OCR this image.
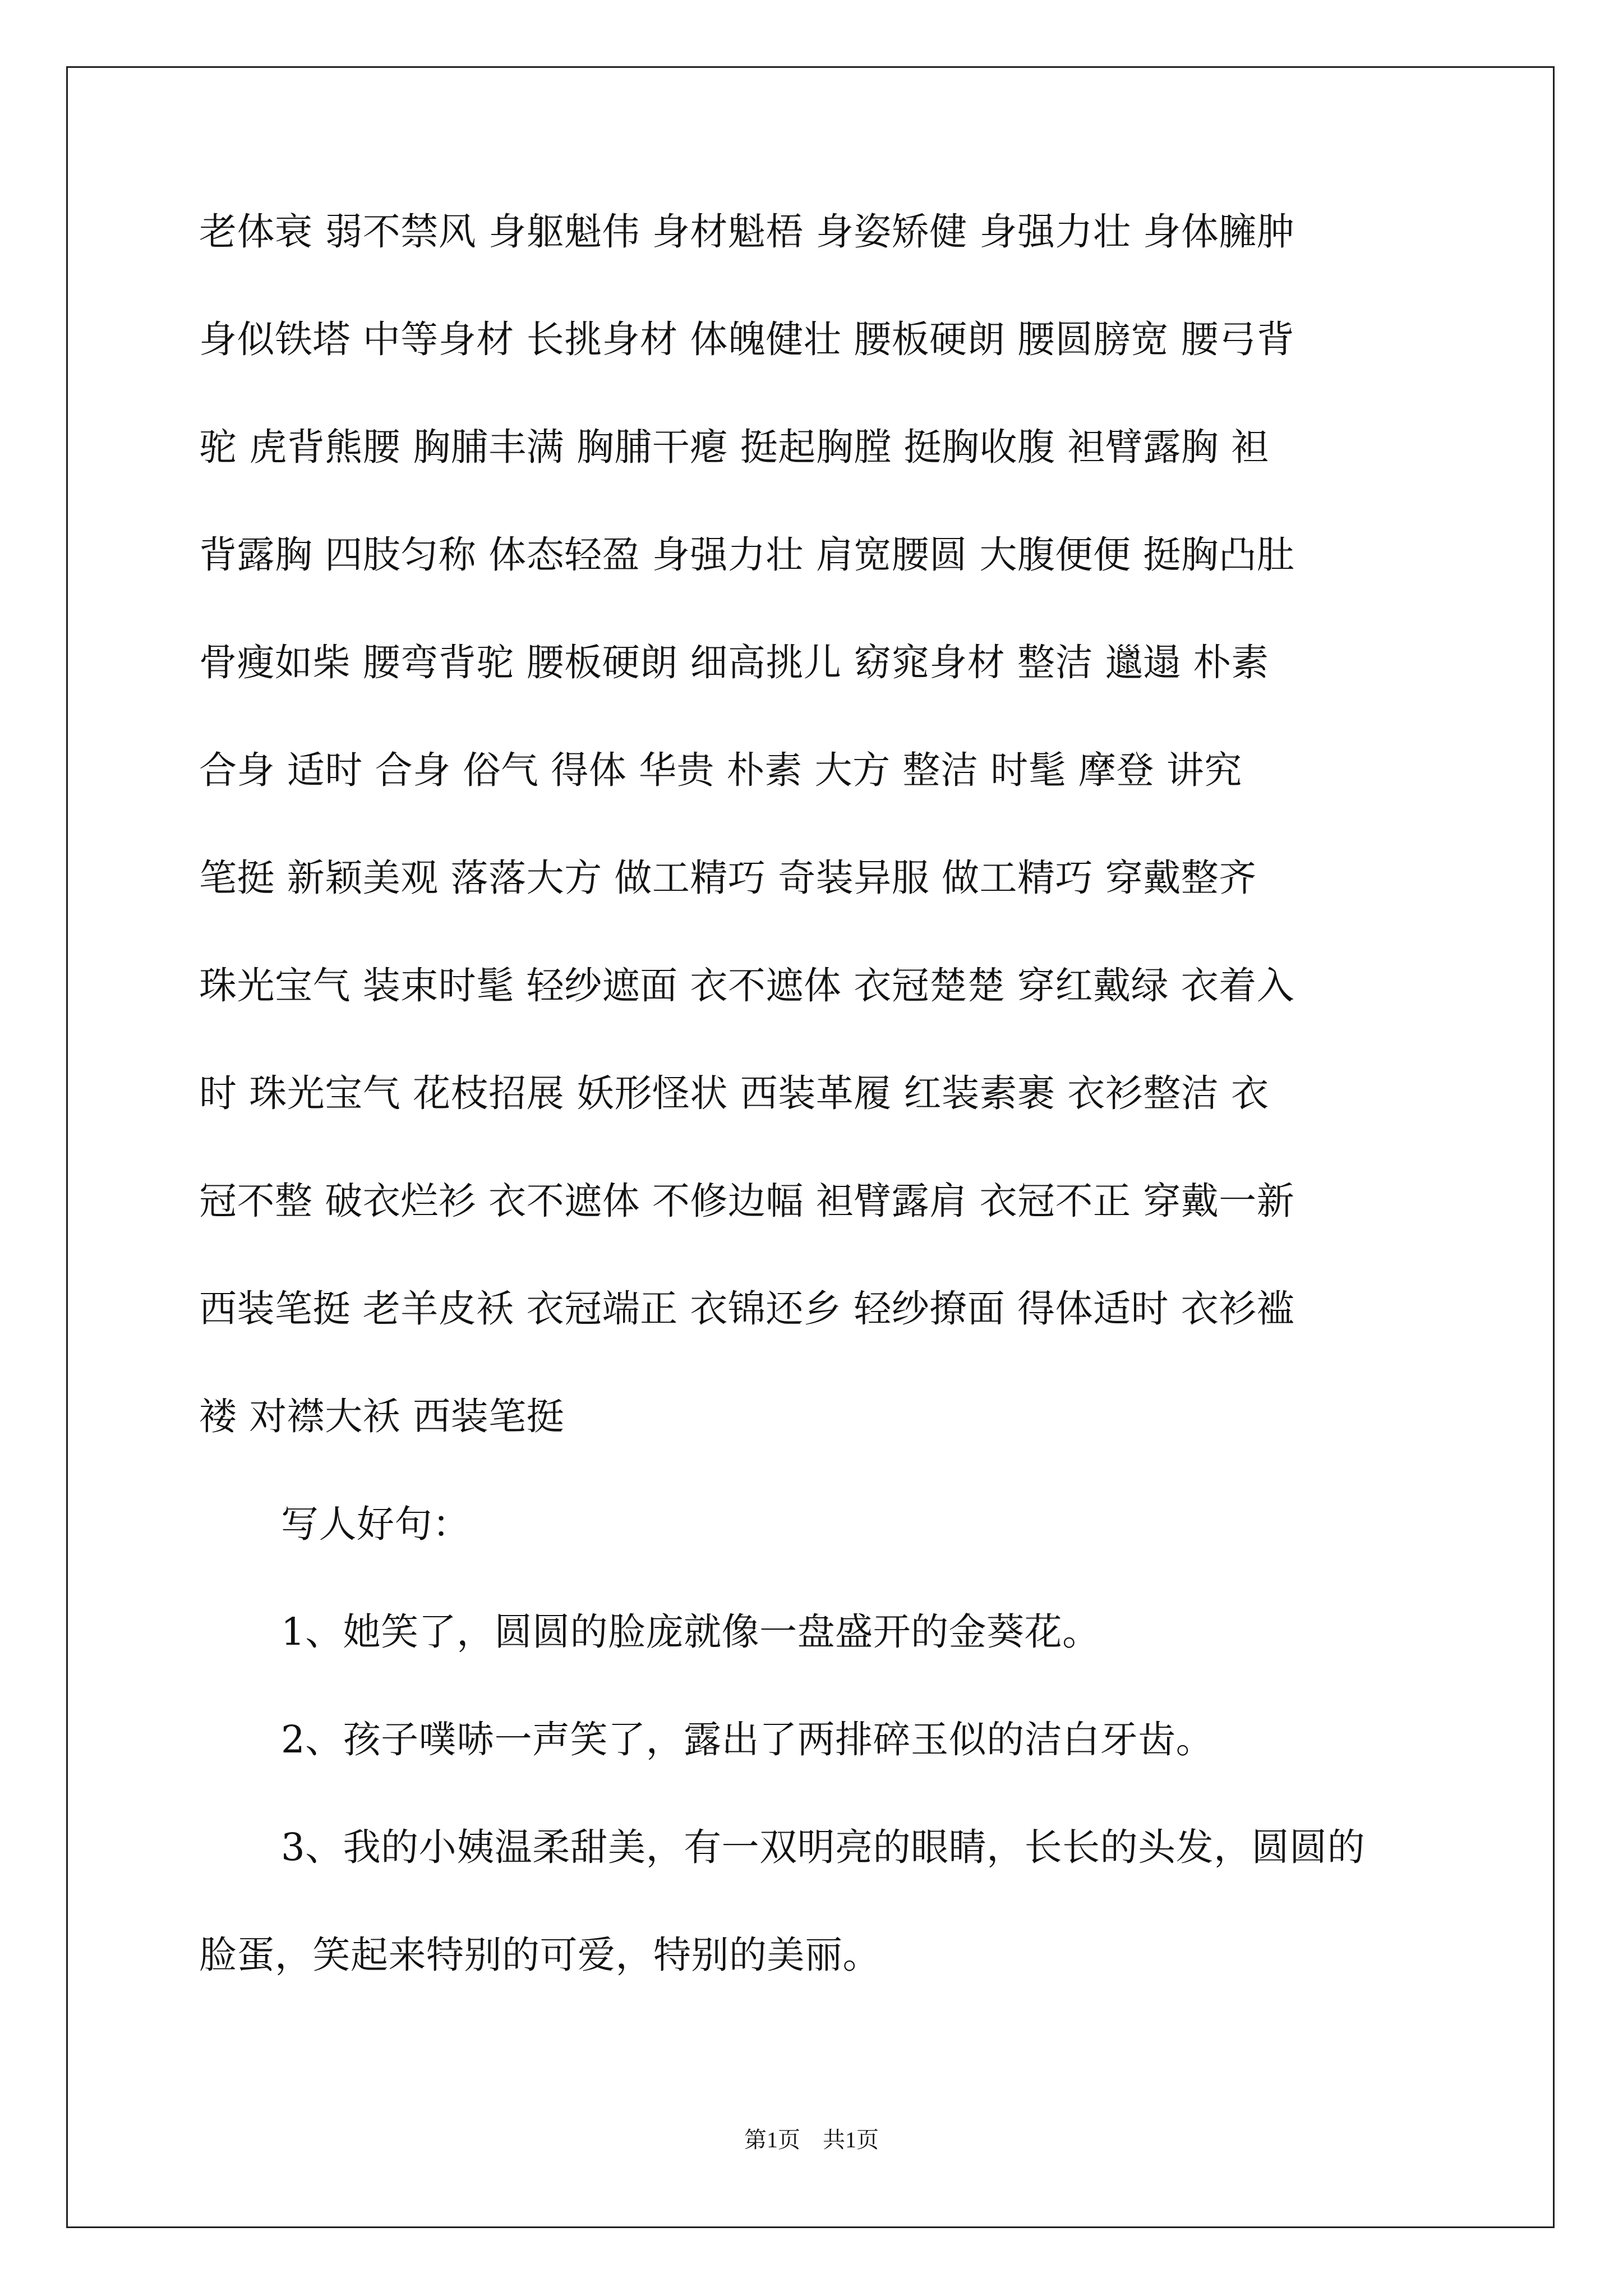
老体衰 弱不禁风 身躯魁伟 身材魁梧 身姿矫健 身强力壮 身体臃肿
身似铁塔 中等身材 长挑身材 体魄健壮 腰板硬朗 腰圆膀宽 腰弓背
驼 虎背熊腰 胸脯丰满 胸脯干瘪 挺起胸膛 挺胸收腹 袒臂露胸 袒
背露胸 四肢匀称 体态轻盈 身强力壮 肩宽腰圆 大腹便便 挺胸凸肚
骨瘦如柴 腰弯背驼 腰板硬朗 细高挑儿 窈窕身材 整洁 邋遢 朴素
合身 适时 合身 俗气 得体 华贵 朴素 大方 整洁 时髦 摩登 讲究
笔挺 新颖美观 落落大方 做工精巧 奇装异服 做工精巧 穿戴整齐
珠光宝气 装束时髦 轻纱遮面 衣不遮体 衣冠楚楚 穿红戴绿 衣着入
时 珠光宝气 花枝招展 妖形怪状 西装革履 红装素裹 衣衫整洁 衣
冠不整 破衣烂衫 衣不遮体 不修边幅 袒臂露肩 衣冠不正 穿戴一新
西装笔挺 老羊皮袄 衣冠端正 衣锦还乡 轻纱撩面 得体适时 衣衫褴
褛 对襟大袄 西装笔挺
写人好句：
1、她笑了，圆圆的脸庞就像一盘盛开的金葵花。
2、孩子噗哧一声笑了，露出了两排碎玉似的洁白牙齿。
3、我的小姨温柔甜美，有一双明亮的眼睛，长长的头发，圆圆的
脸蛋，笑起来特别的可爱，特别的美丽。
第1页　共1页
